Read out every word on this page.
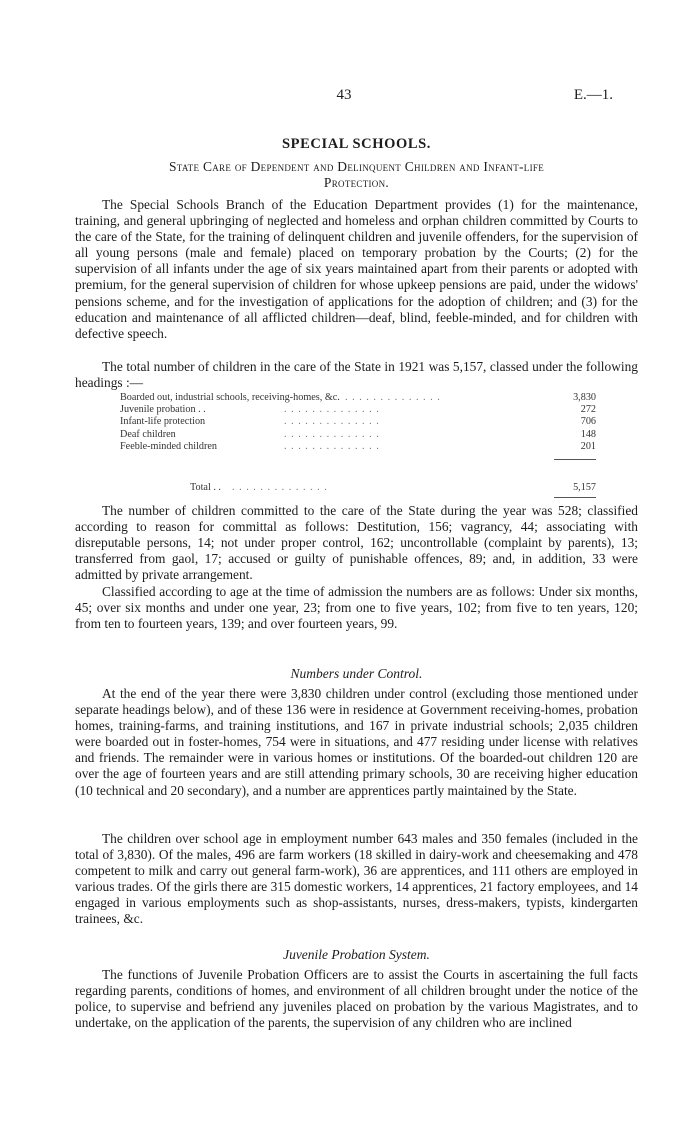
43	E.—1.
SPECIAL SCHOOLS.
State Care of Dependent and Delinquent Children and Infant-life
Protection.

The Special Schools Branch of the Education Department provides (1) for the maintenance, training, and general upbringing of neglected and homeless and orphan children committed by Courts to the care of the State, for the training of delinquent children and juvenile offenders, for the supervision of all young persons (male and female) placed on temporary probation by the Courts; (2) for the supervision of all infants under the age of six years maintained apart from their parents or adopted with premium, for the general supervision of children for whose upkeep pensions are paid, under the widows' pensions scheme, and for the investigation of applications for the adoption of children; and (3) for the education and maintenance of all afflicted children—deaf, blind, feeble-minded, and for children with defective speech.

The total number of children in the care of the State in 1921 was 5,157, classed under the following headings :—

Boarded out, industrial schools, receiving-homes, &c. . . . . . . . . . . . . . .	3,830
Juvenile probation . .	. . . . . . . . . . . . . .	272
Infant-life protection	. . . . . . . . . . . . . .	706
Deaf children	. . . . . . . . . . . . . .	148
Feeble-minded children	. . . . . . . . . . . . . .	201
Total . . . . . . . . . . . . . . . .	5,157

The number of children committed to the care of the State during the year was 528; classified according to reason for committal as follows: Destitution, 156; vagrancy, 44; associating with disreputable persons, 14; not under proper control, 162; uncontrollable (complaint by parents), 13; transferred from gaol, 17; accused or guilty of punishable offences, 89; and, in addition, 33 were admitted by private arrangement.

Classified according to age at the time of admission the numbers are as follows: Under six months, 45; over six months and under one year, 23; from one to five years, 102; from five to ten years, 120; from ten to fourteen years, 139; and over fourteen years, 99.

Numbers under Control.

At the end of the year there were 3,830 children under control (excluding those mentioned under separate headings below), and of these 136 were in residence at Government receiving-homes, probation homes, training-farms, and training institutions, and 167 in private industrial schools; 2,035 children were boarded out in foster-homes, 754 were in situations, and 477 residing under license with relatives and friends. The remainder were in various homes or institutions. Of the boarded-out children 120 are over the age of fourteen years and are still attending primary schools, 30 are receiving higher education (10 technical and 20 secondary), and a number are apprentices partly maintained by the State.

The children over school age in employment number 643 males and 350 females (included in the total of 3,830). Of the males, 496 are farm workers (18 skilled in dairy-work and cheesemaking and 478 competent to milk and carry out general farm-work), 36 are apprentices, and 111 others are employed in various trades. Of the girls there are 315 domestic workers, 14 apprentices, 21 factory employees, and 14 engaged in various employments such as shop-assistants, nurses, dress-makers, typists, kindergarten trainees, &c.

Juvenile Probation System.

The functions of Juvenile Probation Officers are to assist the Courts in ascertaining the full facts regarding parents, conditions of homes, and environment of all children brought under the notice of the police, to supervise and befriend any juveniles placed on probation by the various Magistrates, and to undertake, on the application of the parents, the supervision of any children who are inclined
